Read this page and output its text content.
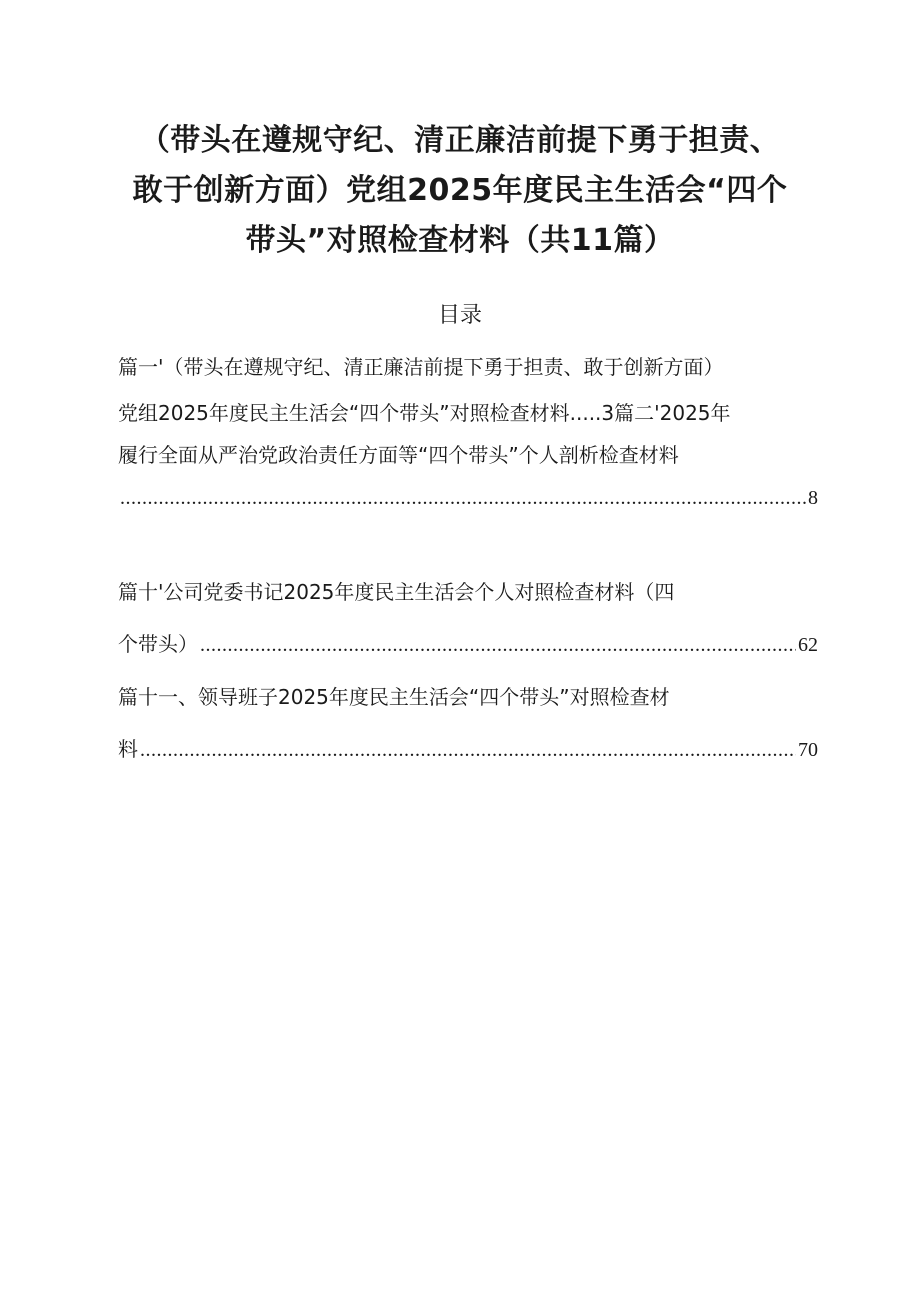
（带头在遵规守纪、清正廉洁前提下勇于担责、
敢于创新方面）党组2025年度民主生活会“四个
带头”对照检查材料（共11篇）
目录
篇一'（带头在遵规守纪、清正廉洁前提下勇于担责、敢于创新方面）
党组2025年度民主生活会“四个带头”对照检查材料.....3篇二'2025年
履行全面从严治党政治责任方面等“四个带头”个人剖析检查材料
.....
8
篇十'公司党委书记2025年度民主生活会个人对照检查材料（四
个带头） .....	62
篇十一、领导班子2025年度民主生活会“四个带头”对照检查材
料 .....	70
